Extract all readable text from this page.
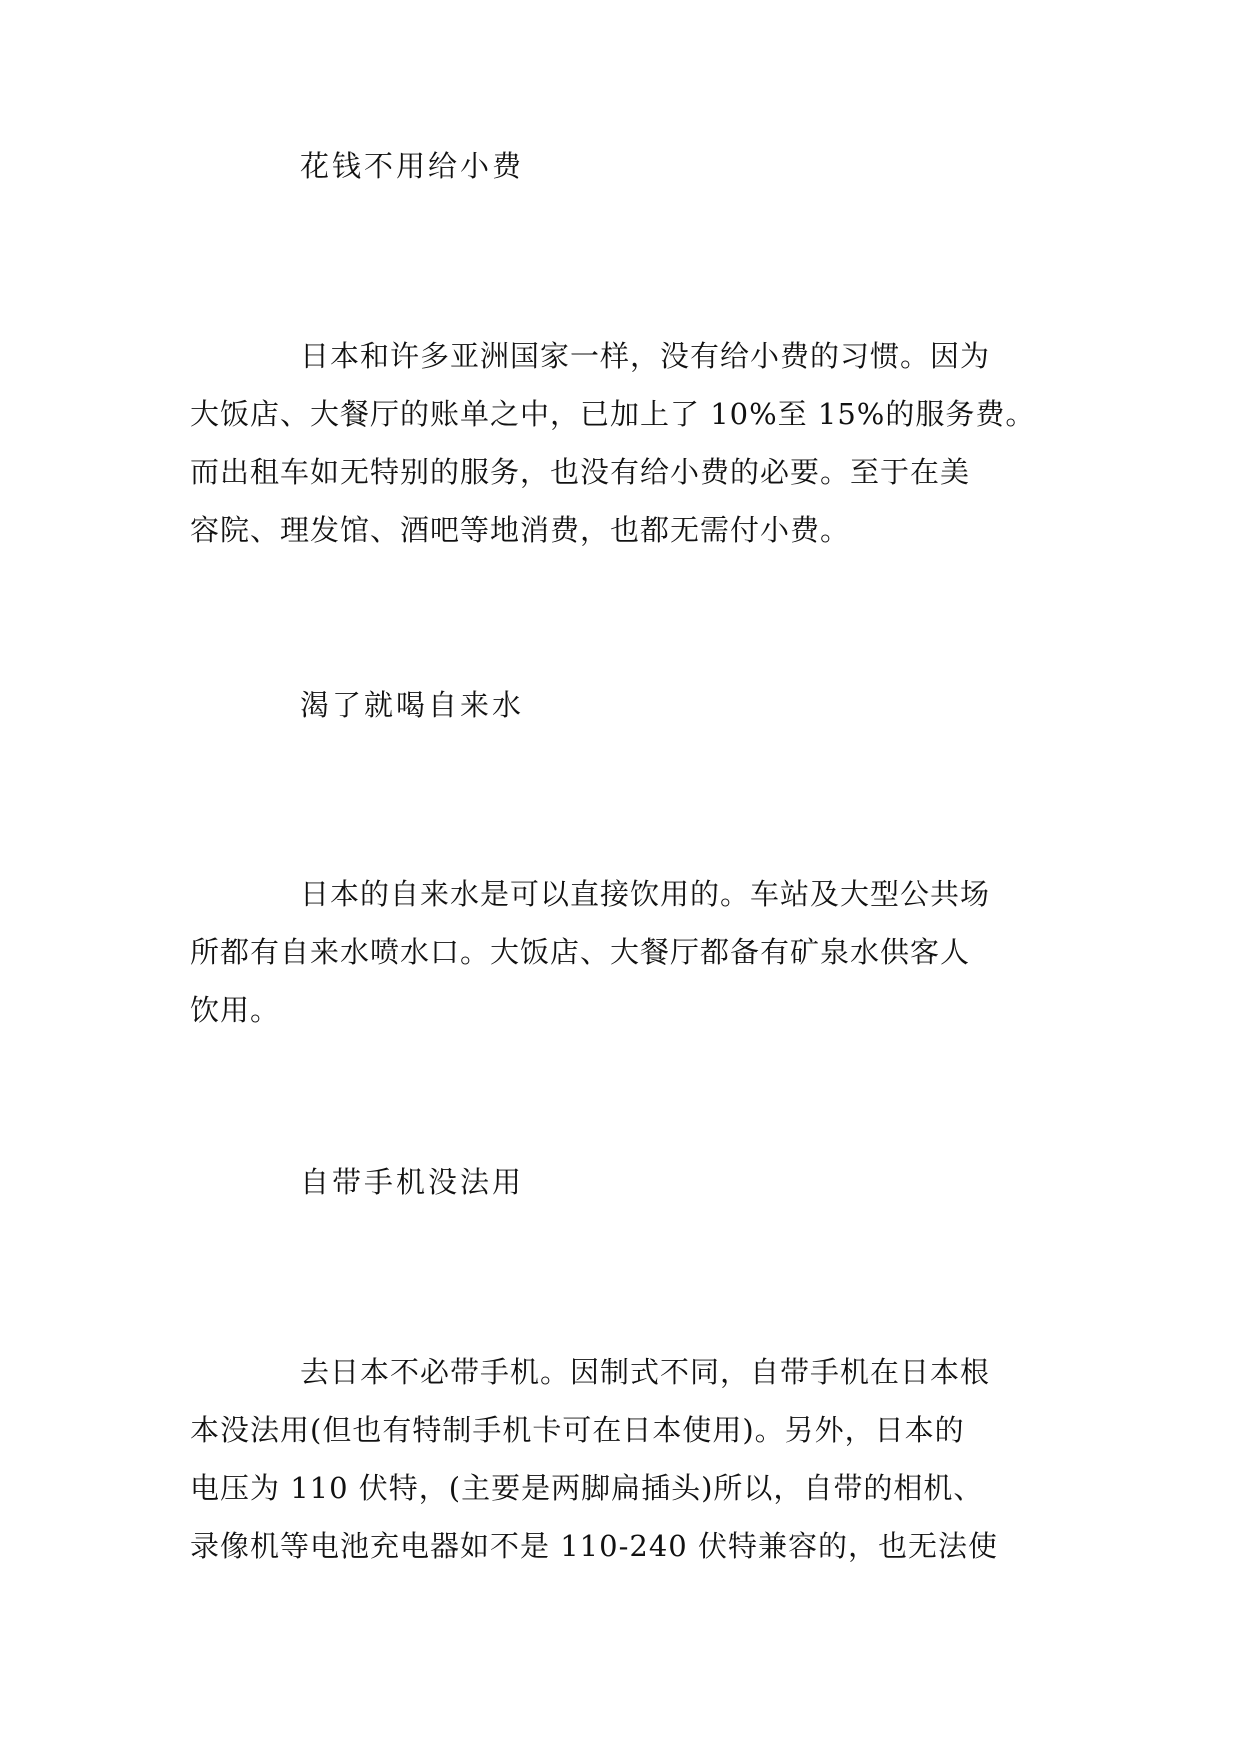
花钱不用给小费
日本和许多亚洲国家一样，没有给小费的习惯。因为
大饭店、大餐厅的账单之中，已加上了 10%至 15%的服务费。
而出租车如无特别的服务，也没有给小费的必要。至于在美
容院、理发馆、酒吧等地消费，也都无需付小费。
渴了就喝自来水
日本的自来水是可以直接饮用的。车站及大型公共场
所都有自来水喷水口。大饭店、大餐厅都备有矿泉水供客人
饮用。
自带手机没法用
去日本不必带手机。因制式不同，自带手机在日本根
本没法用(但也有特制手机卡可在日本使用)。另外，日本的
电压为 110 伏特，(主要是两脚扁插头)所以，自带的相机、
录像机等电池充电器如不是 110-240 伏特兼容的，也无法使
